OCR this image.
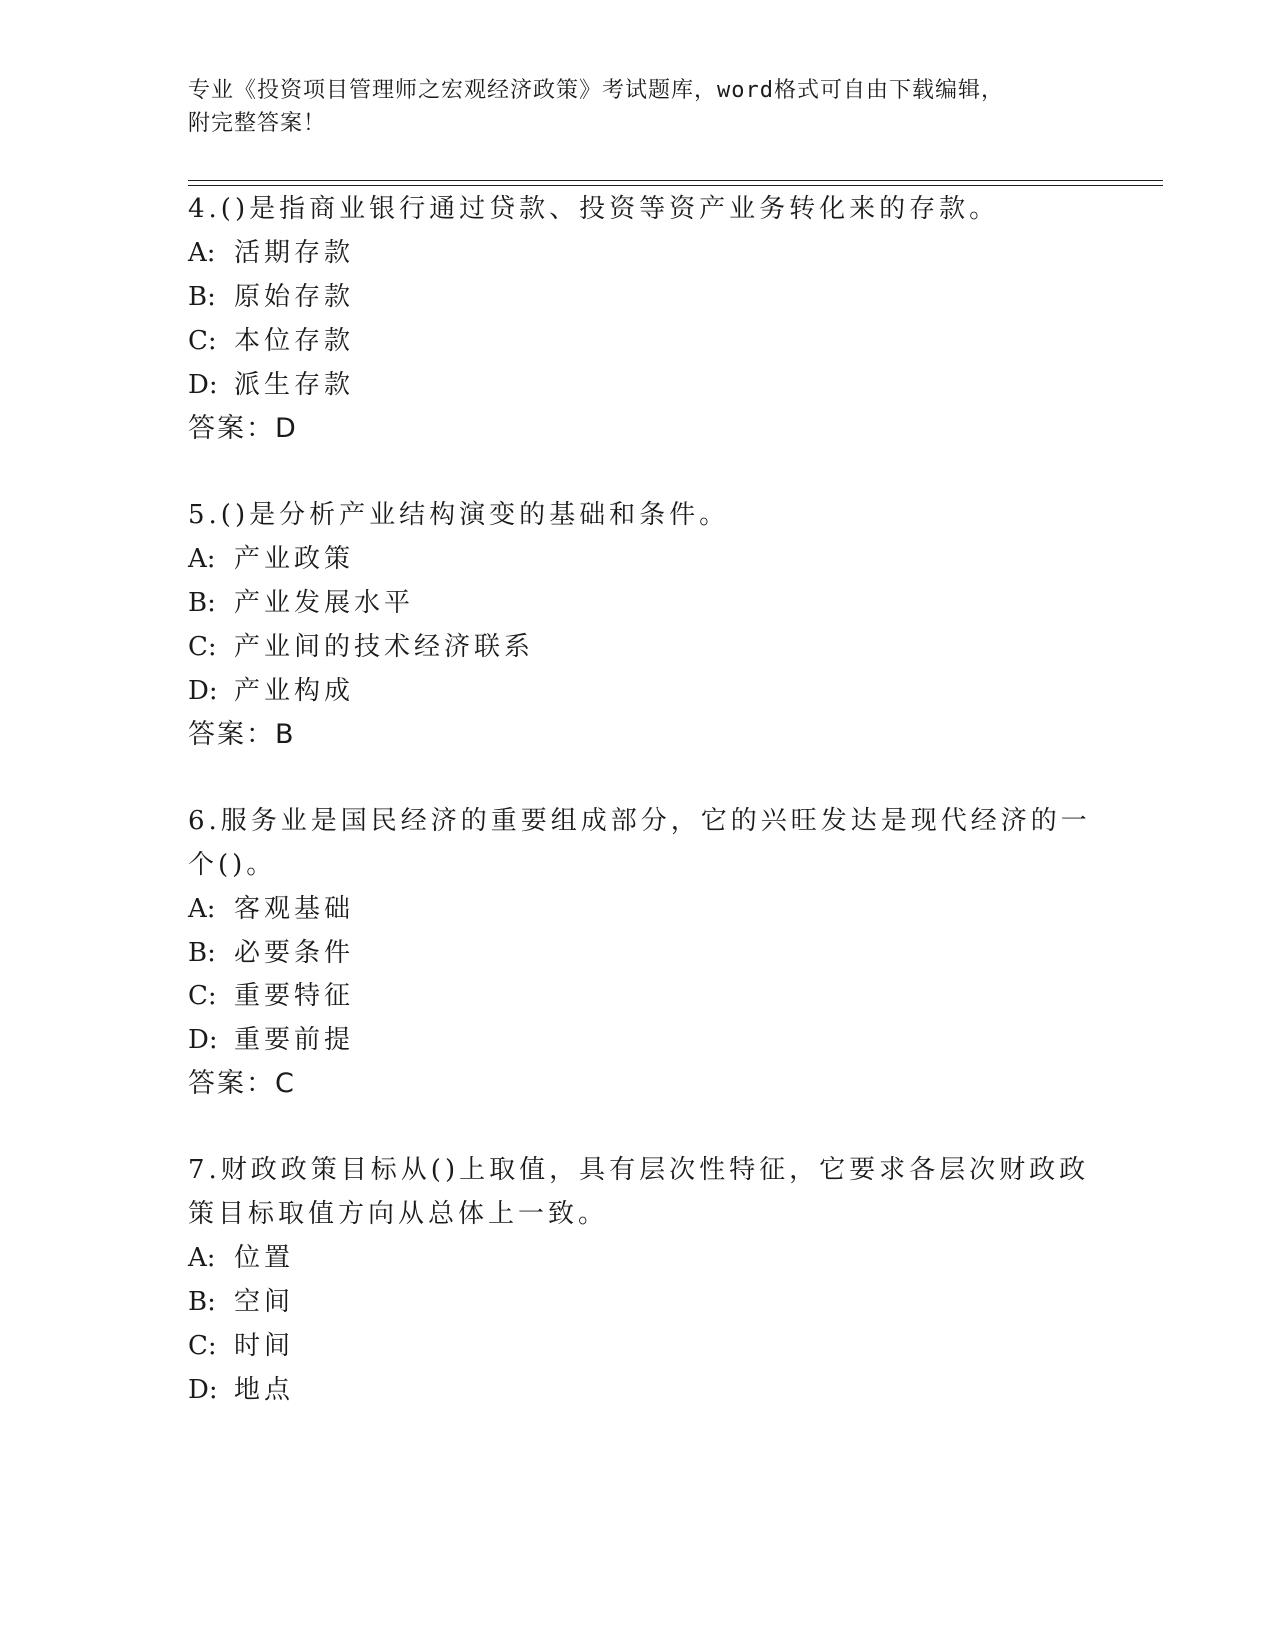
专业《投资项目管理师之宏观经济政策》考试题库，word格式可自由下载编辑，
附完整答案！
4.()是指商业银行通过贷款、投资等资产业务转化来的存款。
A: 活期存款
B: 原始存款
C: 本位存款
D: 派生存款
答案：D
5.()是分析产业结构演变的基础和条件。
A: 产业政策
B: 产业发展水平
C: 产业间的技术经济联系
D: 产业构成
答案：B
6.服务业是国民经济的重要组成部分，它的兴旺发达是现代经济的一
个()。
A: 客观基础
B: 必要条件
C: 重要特征
D: 重要前提
答案：C
7.财政政策目标从()上取值，具有层次性特征，它要求各层次财政政
策目标取值方向从总体上一致。
A: 位置
B: 空间
C: 时间
D: 地点
